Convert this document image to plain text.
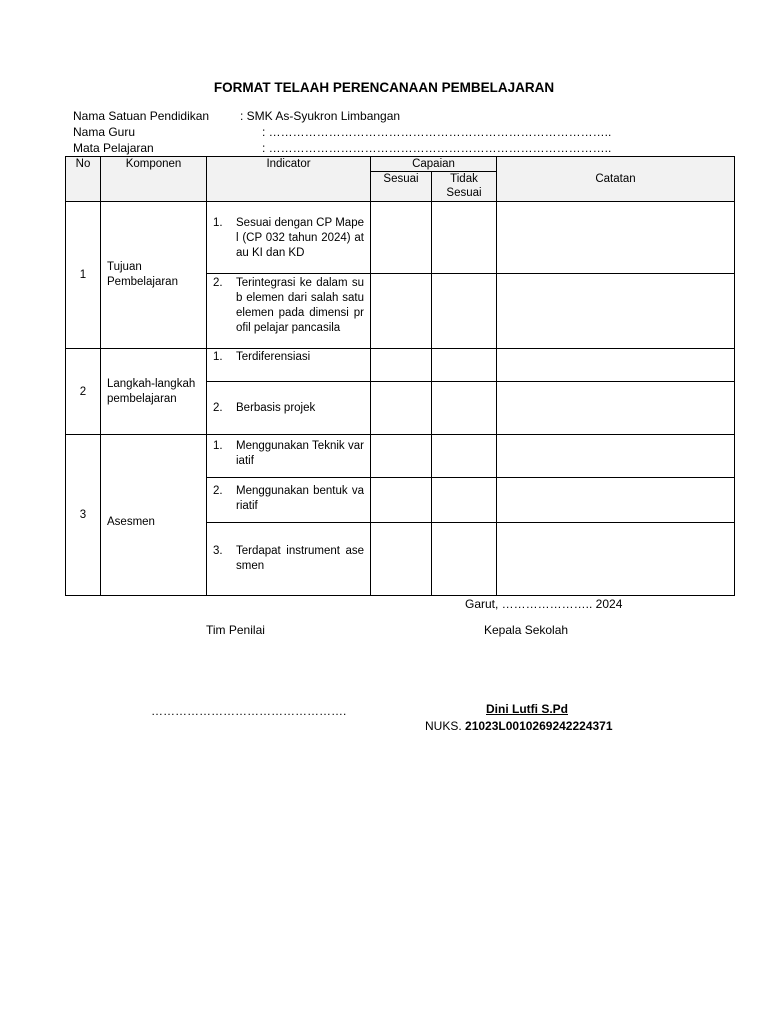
FORMAT TELAAH PERENCANAAN PEMBELAJARAN
Nama Satuan Pendidikan	: SMK As-Syukron Limbangan
Nama Guru	: …………………………………………………………………………..
Mata Pelajaran	: …………………………………………………………………………..
No	Komponen	Indicator	Capaian		Catatan
			Sesuai	Tidak Sesuai	
1	Tujuan Pembelajaran	1. Sesuai dengan CP Mapel (CP 032 tahun 2024) atau KI dan KD			

		2. Terintegrasi ke dalam sub elemen dari salah satu elemen pada dimensi profil pelajar pancasila			

2	Langkah-langkah pembelajaran	1. Terdiferensiasi			

		2. Berbasis projek			

3	Asesmen	1. Menggunakan Teknik variatif			

		2. Menggunakan bentuk variatif			

		3. Terdapat instrument asesmen			

Garut, ………………….. 2024
Tim Penilai	Kepala Sekolah
………………………………………….	Dini Lutfi S.Pd
NUKS. 21023L0010269242224371
